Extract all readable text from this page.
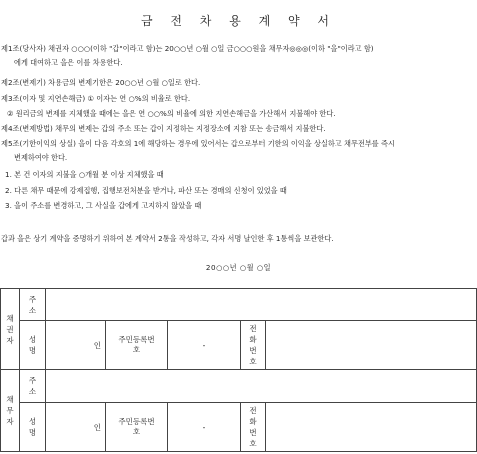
금 전 차 용 계 약 서
제1조(당사자) 채권자 ○○○(이하 "갑"이라고 함)는 20○○년 ○월 ○일 금○○○원을 채무자◎◎◎(이하 "을"이라고 함)
에게 대여하고 을은 이를 차용한다.
제2조(변제기) 차용금의 변제기한은 20○○년 ○월 ○일로 한다.
제3조(이자 및 지연손해금) ① 이자는 연 ○%의 비율로 한다.
② 원리금의 변제를 지체했을 때에는 을은 연 ○○%의 비율에 의한 지연손해금을 가산해서 지불해야 한다.
제4조(변제방법) 채무의 변제는 갑의 주소 또는 갑이 지정하는 지정장소에 지참 또는 송금해서 지불한다.
제5조(기한이익의 상실) 을이 다음 각호의 1에 해당하는 경우에 있어서는 갑으로부터 기한의 이익을 상실하고 채무전부를 즉시
변제하여야 한다.
1. 본 건 이자의 지불을 ○개월 분 이상 지체했을 때
2. 다른 채무 때문에 강제집행, 집행보전처분을 받거나, 파산 또는 경매의 신청이 있었을 때
3. 을이 주소를 변경하고, 그 사실을 갑에게 고지하지 않았을 때
갑과 을은 상기 계약을 증명하기 위하여 본 계약서 2통을 작성하고, 각자 서명 날인한 후 1통씩을 보관한다.
20○○년 ○월 ○일
채권자	주소					

	성명	인	주민등록번호	-	전화번호	

채무자	주소					

	성명	인	주민등록번호	-	전화번호	
